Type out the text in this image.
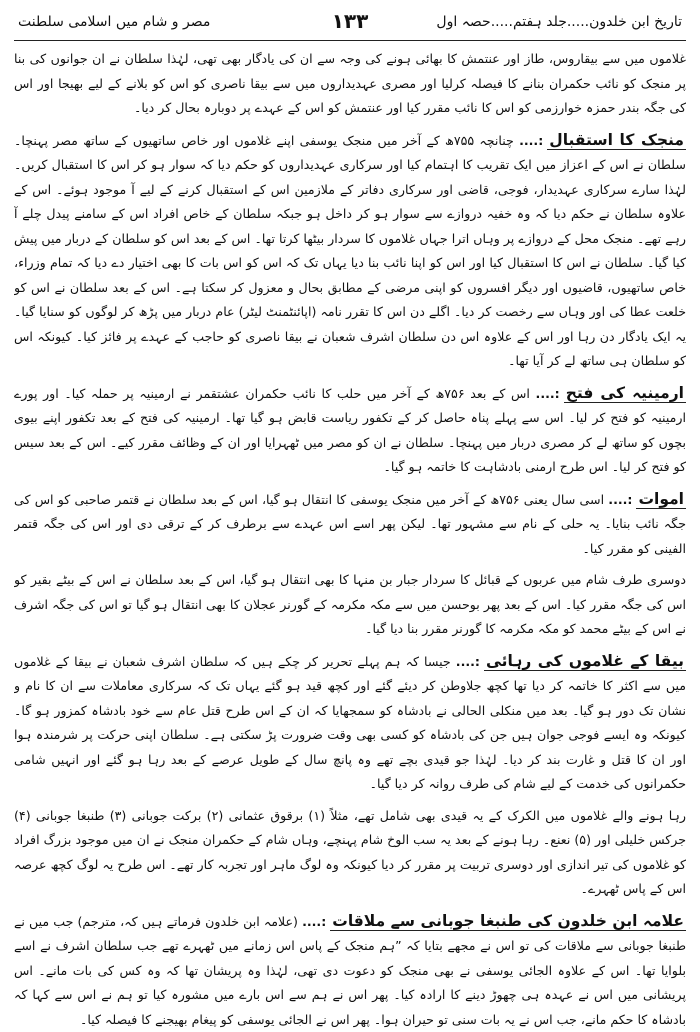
تاریخ ابن خلدون.....جلد ہفتم.....حصہ اول
۱۳۳
مصر و شام میں اسلامی سلطنت

غلاموں میں سے بیقاروس، طاز اور عنتمش کا بھائی ہونے کی وجہ سے ان کی یادگار بھی تھی، لہٰذا سلطان نے ان جوانوں کی بنا پر منجک کو نائب حکمران بنانے کا فیصلہ کرلیا اور مصری عہدیداروں میں سے بیقا ناصری کو اس کو بلانے کے لیے بھیجا اور اس کی جگہ بندر حمزہ خوارزمی کو اس کا نائب مقرر کیا اور عنتمش کو اس کے عہدے پر دوبارہ بحال کر دیا۔

منجک کا استقبال:.... چنانچہ ۷۵۵ھ کے آخر میں منجک یوسفی اپنے غلاموں اور خاص ساتھیوں کے ساتھ مصر پہنچا۔ سلطان نے اس کے اعزاز میں ایک تقریب کا اہتمام کیا اور سرکاری عہدیداروں کو حکم دیا کہ سوار ہو کر اس کا استقبال کریں۔ لہٰذا سارے سرکاری عہدیدار، فوجی، قاضی اور سرکاری دفاتر کے ملازمین اس کے استقبال کرنے کے لیے آ موجود ہوئے۔ اس کے علاوہ سلطان نے حکم دیا کہ وہ خفیہ دروازے سے سوار ہو کر داخل ہو جبکہ سلطان کے خاص افراد اس کے سامنے پیدل چلے آ رہے تھے۔ منجک محل کے دروازے پر وہاں اترا جہاں غلاموں کا سردار بیٹھا کرتا تھا۔ اس کے بعد اس کو سلطان کے دربار میں پیش کیا گیا۔ سلطان نے اس کا استقبال کیا اور اس کو اپنا نائب بنا دیا یہاں تک کہ اس کو اس بات کا بھی اختیار دے دیا کہ تمام وزراء، خاص ساتھیوں، قاضیوں اور دیگر افسروں کو اپنی مرضی کے مطابق بحال و معزول کر سکتا ہے۔ اس کے بعد سلطان نے اس کو خلعت عطا کی اور وہاں سے رخصت کر دیا۔ اگلے دن اس کا تقرر نامہ (اپائنٹمنٹ لیٹر) عام دربار میں پڑھ کر لوگوں کو سنایا گیا۔ یہ ایک یادگار دن رہا اور اس کے علاوہ اس دن سلطان اشرف شعبان نے بیقا ناصری کو حاجب کے عہدے پر فائز کیا۔ کیونکہ اس کو سلطان ہی ساتھ لے کر آیا تھا۔

ارمینیہ کی فتح:.... اس کے بعد ۷۵۶ھ کے آخر میں حلب کا نائب حکمران عشتقمر نے ارمینیہ پر حملہ کیا۔ اور پورے ارمینیہ کو فتح کر لیا۔ اس سے پہلے پناہ حاصل کر کے تکفور ریاست قابض ہو گیا تھا۔ ارمینیہ کی فتح کے بعد تکفور اپنے بیوی بچوں کو ساتھ لے کر مصری دربار میں پہنچا۔ سلطان نے ان کو مصر میں ٹھہرایا اور ان کے وظائف مقرر کیے۔ اس کے بعد سیس کو فتح کر لیا۔ اس طرح ارمنی بادشاہت کا خاتمہ ہو گیا۔

اموات:.... اسی سال یعنی ۷۵۶ھ کے آخر میں منجک یوسفی کا انتقال ہو گیا، اس کے بعد سلطان نے قتمر صاحبی کو اس کی جگہ نائب بنایا۔ یہ حلی کے نام سے مشہور تھا۔ لیکن پھر اسے اس عہدے سے برطرف کر کے ترقی دی اور اس کی جگہ قتمر الفینی کو مقرر کیا۔

دوسری طرف شام میں عربوں کے قبائل کا سردار جبار بن منہا کا بھی انتقال ہو گیا، اس کے بعد سلطان نے اس کے بیٹے بقیر کو اس کی جگہ مقرر کیا۔ اس کے بعد پھر بوحسن میں سے مکہ مکرمہ کے گورنر عجلان کا بھی انتقال ہو گیا تو اس کی جگہ اشرف نے اس کے بیٹے محمد کو مکہ مکرمہ کا گورنر مقرر بنا دیا گیا۔

بیقا کے غلاموں کی رہائی:.... جیسا کہ ہم پہلے تحریر کر چکے ہیں کہ سلطان اشرف شعبان نے بیقا کے غلاموں میں سے اکثر کا خاتمہ کر دیا تھا کچھ جلاوطن کر دیئے گئے اور کچھ قید ہو گئے یہاں تک کہ سرکاری معاملات سے ان کا نام و نشان تک دور ہو گیا۔ بعد میں منکلی الحالی نے بادشاہ کو سمجھایا کہ ان کے اس طرح قتل عام سے خود بادشاہ کمزور ہو گا۔ کیونکہ وہ ایسے فوجی جوان ہیں جن کی بادشاہ کو کسی بھی وقت ضرورت پڑ سکتی ہے۔ سلطان اپنی حرکت پر شرمندہ ہوا اور ان کا قتل و غارت بند کر دیا۔ لہٰذا جو قیدی بچے تھے وہ پانچ سال کے طویل عرصے کے بعد رہا ہو گئے اور انہیں شامی حکمرانوں کی خدمت کے لیے شام کی طرف روانہ کر دیا گیا۔

رہا ہونے والے غلاموں میں الکرک کے یہ قیدی بھی شامل تھے، مثلاً (۱) برقوق عثمانی (۲) برکت جوبانی (۳) طنبغا جوبانی (۴) جرکس خلیلی اور (۵) نعنع۔ رہا ہونے کے بعد یہ سب الوخ شام پہنچے، وہاں شام کے حکمران منجک نے ان میں موجود بزرگ افراد کو غلاموں کی تیر اندازی اور دوسری تربیت پر مقرر کر دیا کیونکہ وہ لوگ ماہر اور تجربہ کار تھے۔ اس طرح یہ لوگ کچھ عرصہ اس کے پاس ٹھہرے۔

علامہ ابن خلدون کی طنبغا جوبانی سے ملاقات:.... (علامہ ابن خلدون فرماتے ہیں کہ، مترجم) جب میں نے طنبغا جوبانی سے ملاقات کی تو اس نے مجھے بتایا کہ ”ہم منجک کے پاس اس زمانے میں ٹھہرے تھے جب سلطان اشرف نے اسے بلوایا تھا۔ اس کے علاوہ الجائی یوسفی نے بھی منجک کو دعوت دی تھی، لہٰذا وہ پریشان تھا کہ وہ کس کی بات مانے۔ اس پریشانی میں اس نے عہدہ ہی چھوڑ دینے کا ارادہ کیا۔ پھر اس نے ہم سے اس بارے میں مشورہ کیا تو ہم نے اس سے کہا کہ بادشاہ کا حکم مانے، جب اس نے یہ بات سنی تو حیران ہوا۔ پھر اس نے الجائی یوسفی کو پیغام بھیجنے کا فیصلہ کیا۔
